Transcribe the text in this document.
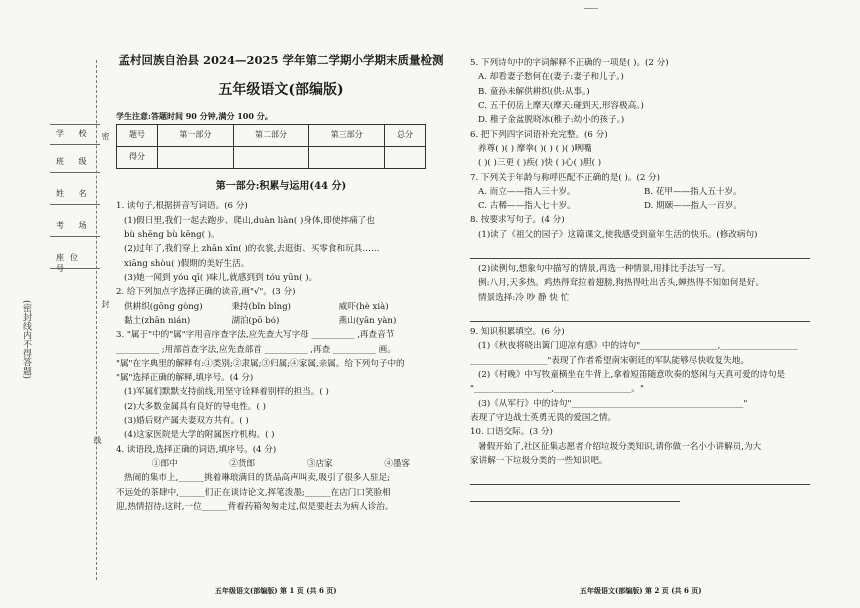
学 校
班 级
姓 名
考 场
座位
(密封线内不得答题)
密
封
线
孟村回族自治县 2024—2025 学年第二学期小学期末质量检测
五年级语文(部编版)
学生注意:答题时间 90 分钟,满分 100 分。
题号	第一部分	第二部分	第三部分	总分
得分				
第一部分:积累与运用(44 分)
1. 读句子,根据拼音写词语。(6 分)
(1)假日里,我们一起去跑步、爬山,duàn liàn( )身体,即使摔痛了也
bù shēng bù kēng( )。
(2)过年了,我们穿上 zhān xīn( )的衣裳,去逛街、买零食和玩具……
xiāng shòu( )假期的美好生活。
(3)她一闻到 yóu qī( )味儿,就感到到 tóu yūn( )。
2. 给下列加点字选择正确的读音,画"√"。(3 分)
供耕织(gōng gòng)	秉持(bǐn bǐng)	威吓(hè xià)
黏土(zhān nián)	湖泊(pō bó)	燕山(yān yàn)
3. "属于"中的"属"字用音序查字法,应先查大写字母 __________ ,再查音节
__________ ;用部首查字法,应先查部首 __________ ,再查 __________ 画。
"属"在字典里的解释有:①类别;②隶属;③归属;④家属,亲属。给下列句子中的
"属"选择正确的解释,填序号。(4 分)
(1)军属们默默支持前线,用坚守诠释着别样的担当。( )
(2)大多数金属具有良好的导电性。( )
(3)婚后财产属夫妻双方共有。( )
(4)这家医院是大学的附属医疗机构。( )
4. 读语段,选择正确的词语,填序号。(4 分)
①郎中	②货郎	③店家	④墨客
热闹的集市上,______挑着琳琅满目的货品高声叫卖,吸引了很多人驻足;
不远处的茶肆中,______们正在谈诗论文,挥笔泼墨;______在店门口笑脸相
迎,热情招待;这时,一位______背着药箱匆匆走过,似是要赶去为病人诊治。
5. 下列诗句中的字词解释不正确的一项是( )。(2 分)
A. 却看妻子愁何在(妻子:妻子和儿子。)
B. 童孙未解供耕织(供:从事。)
C. 五千仞岳上摩天(摩天:碰到天,形容极高。)
D. 稚子金盆脱晓冰(稚子:幼小的孩子。)
6. 把下列四字词语补充完整。(6 分)
养尊( )( ) 摩拳( )( ) ( )( )咧嘴
( )( )三更 ( )疾( )快 ( )心( )胆( )
7. 下列关于年龄与称呼匹配不正确的是( )。(2 分)
A. 而立——指人三十岁。	B. 花甲——指人五十岁。
C. 古稀——指人七十岁。	D. 期颐——指人一百岁。
8. 按要求写句子。(4 分)
(1)读了《祖父的园子》这篇课文,使我感受到童年生活的快乐。(修改病句)
(2)读例句,想象句中描写的情景,再选一种情景,用排比手法写一写。
例:八月,天多热。鸡热得耷拉着翅膀,狗热得吐出舌头,蝉热得不知如何是好。
情景选择:冷 吵 静 快 忙
9. 知识积累填空。(6 分)
(1)《秋夜将晓出篱门迎凉有感》中的诗句"__________________,__________________
__________________"表现了作者希望南宋朝廷的军队能够尽快收复失地。
(2)《村晚》中写牧童横坐在牛背上,拿着短笛随意吹奏的悠闲与天真可爱的诗句是
"__________________,__________________。"
(3)《从军行》中的诗句"________________________________________"
表现了守边战士英勇无畏的爱国之情。
10. 口语交际。(3 分)
暑假开始了,社区征集志愿者介绍垃圾分类知识,请你做一名小小讲解员,为大
家讲解一下垃圾分类的一些知识吧。
五年级语文(部编版) 第 1 页 (共 6 页)	五年级语文(部编版) 第 2 页 (共 6 页)
